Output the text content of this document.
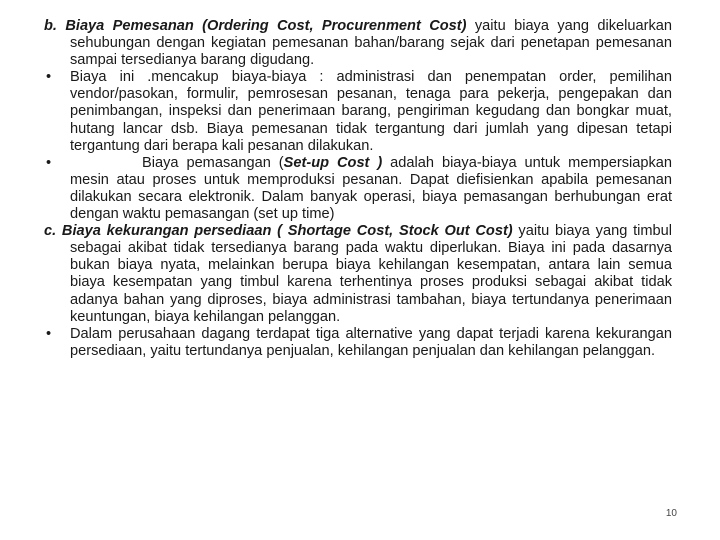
b. Biaya Pemesanan (Ordering Cost, Procurenment Cost) yaitu biaya yang dikeluarkan sehubungan dengan kegiatan pemesanan bahan/barang sejak dari penetapan pemesanan sampai tersedianya barang digudang.

•	Biaya ini .mencakup biaya-biaya : administrasi dan penempatan order, pemilihan vendor/pasokan, formulir, pemrosesan pesanan, tenaga para pekerja, pengepakan dan penimbangan, inspeksi dan penerimaan barang, pengiriman kegudang dan bongkar muat, hutang lancar dsb. Biaya pemesanan tidak tergantung dari jumlah yang dipesan tetapi tergantung dari berapa kali pesanan dilakukan.

•	Biaya pemasangan (Set-up Cost ) adalah biaya-biaya untuk mempersiapkan mesin atau proses untuk memproduksi pesanan. Dapat diefisienkan apabila pemesanan dilakukan secara elektronik. Dalam banyak operasi, biaya pemasangan berhubungan erat dengan waktu pemasangan (set up time)

c. Biaya kekurangan persediaan ( Shortage Cost, Stock Out Cost) yaitu biaya yang timbul sebagai akibat tidak tersedianya barang pada waktu diperlukan. Biaya ini pada dasarnya bukan biaya nyata, melainkan berupa biaya kehilangan kesempatan, antara lain semua biaya kesempatan yang timbul karena terhentinya proses produksi sebagai akibat tidak adanya bahan yang diproses, biaya administrasi tambahan, biaya tertundanya penerimaan keuntungan, biaya kehilangan pelanggan.

•	Dalam perusahaan dagang terdapat tiga alternative yang dapat terjadi karena kekurangan persediaan, yaitu tertundanya penjualan, kehilangan penjualan dan kehilangan pelanggan.

10
